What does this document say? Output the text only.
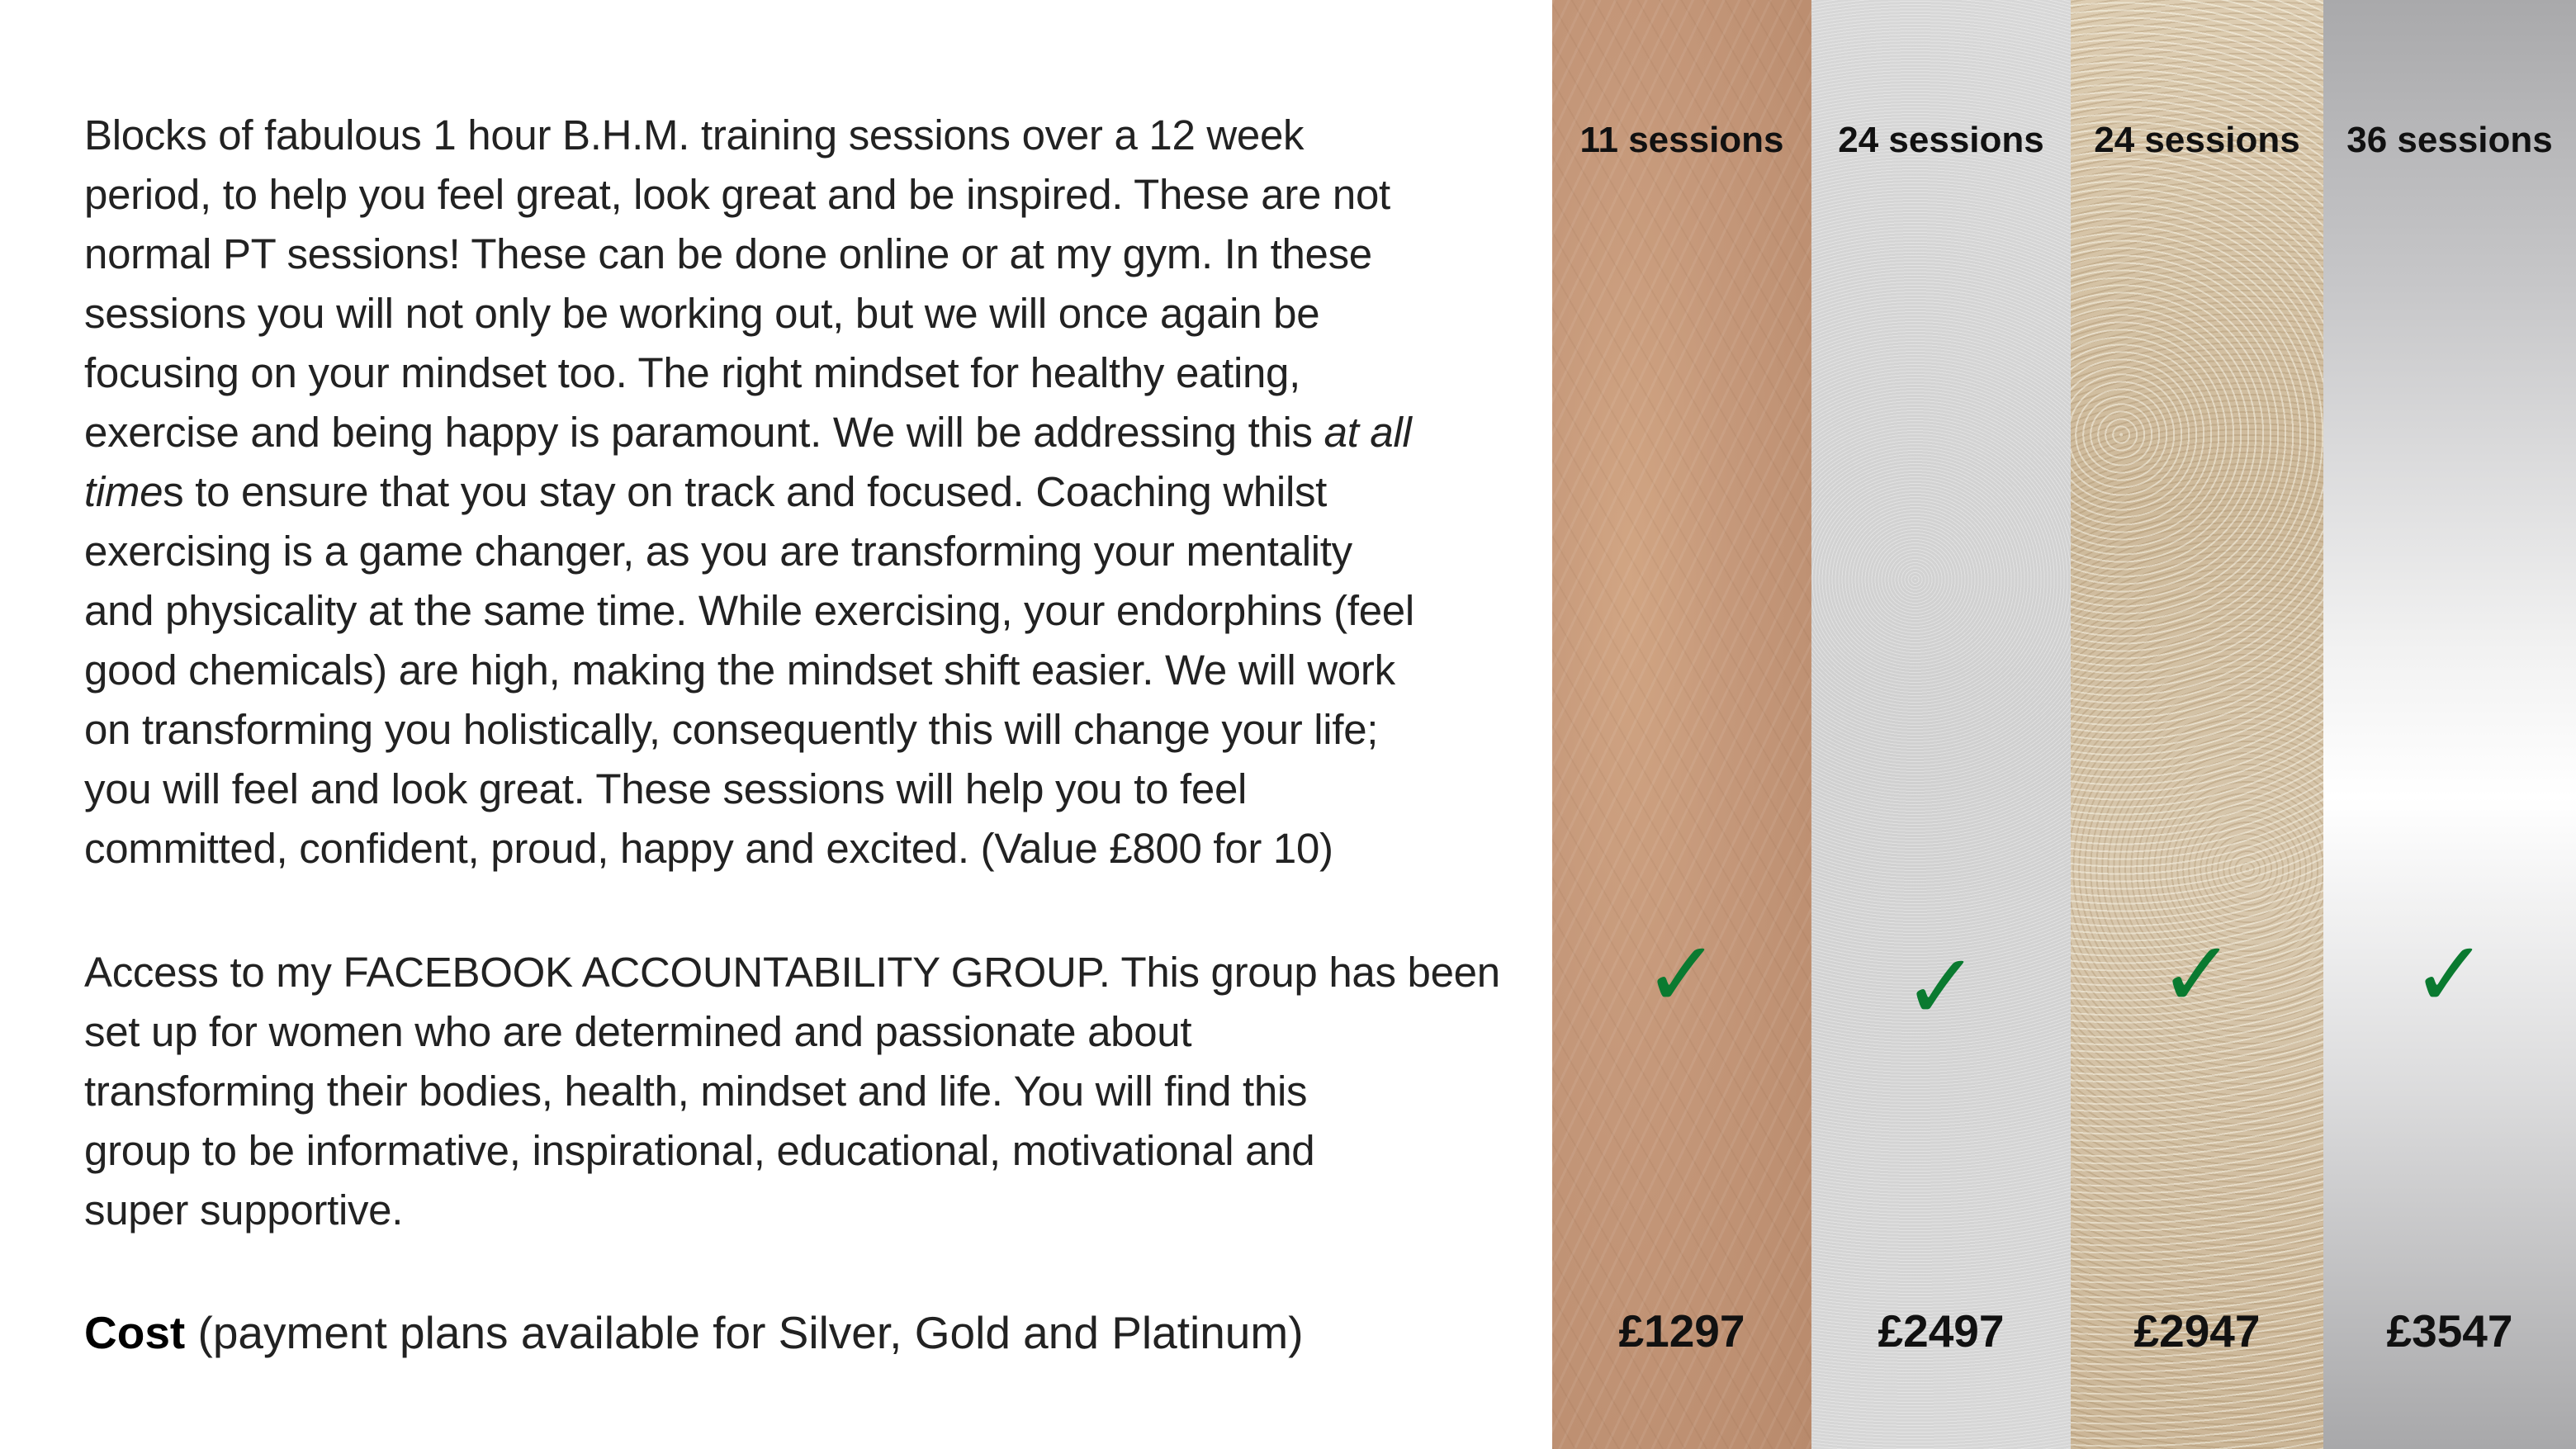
Blocks of fabulous 1 hour B.H.M. training sessions over a 12 week
period, to help you feel great, look great and be inspired. These are not
normal PT sessions! These can be done online or at my gym. In these
sessions you will not only be working out, but we will once again be
focusing on your mindset too. The right mindset for healthy eating,
exercise and being happy is paramount. We will be addressing this at all
times to ensure that you stay on track and focused. Coaching whilst
exercising is a game changer, as you are transforming your mentality
and physicality at the same time. While exercising, your endorphins (feel
good chemicals) are high, making the mindset shift easier. We will work
on transforming you holistically, consequently this will change your life;
you will feel and look great. These sessions will help you to feel
committed, confident, proud, happy and excited. (Value £800 for 10)
Access to my FACEBOOK ACCOUNTABILITY GROUP. This group has been
set up for women who are determined and passionate about
transforming their bodies, health, mindset and life. You will find this
group to be informative, inspirational, educational, motivational and
super supportive.
Cost (payment plans available for Silver, Gold and Platinum)
11 sessions
✓
£1297
24 sessions
✓
£2497
24 sessions
✓
£2947
36 sessions
✓
£3547
